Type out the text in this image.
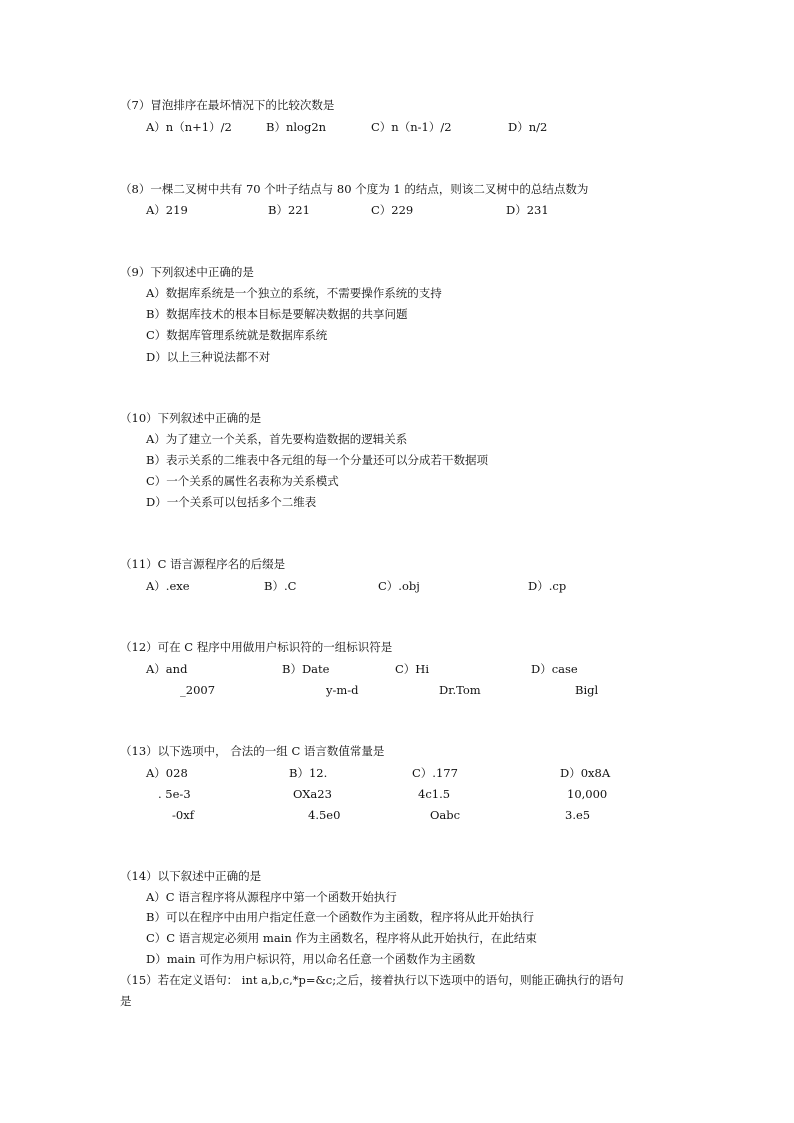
（7）冒泡排序在最坏情况下的比较次数是
A）n（n+1）/2	B）nlog2n	C）n（n-1）/2	D）n/2
（8）一棵二叉树中共有 70 个叶子结点与 80 个度为 1 的结点，则该二叉树中的总结点数为
A）219	B）221	C）229	D）231
（9）下列叙述中正确的是
A）数据库系统是一个独立的系统，不需要操作系统的支持
B）数据库技术的根本目标是要解决数据的共享问题
C）数据库管理系统就是数据库系统
D）以上三种说法都不对
（10）下列叙述中正确的是
A）为了建立一个关系，首先要构造数据的逻辑关系
B）表示关系的二维表中各元组的每一个分量还可以分成若干数据项
C）一个关系的属性名表称为关系模式
D）一个关系可以包括多个二维表
（11）C 语言源程序名的后缀是
A）.exe	B）.C	C）.obj	D）.cp
（12）可在 C 程序中用做用户标识符的一组标识符是
A）and	B）Date	C）Hi	D）case
_2007	y-m-d	Dr.Tom	Bigl
（13）以下选项中， 合法的一组 C 语言数值常量是
A）028	B）12.	C）.177	D）0x8A
. 5e-3	OXa23	4c1.5	10,000
-0xf	4.5e0	Oabc	3.e5
（14）以下叙述中正确的是
A）C 语言程序将从源程序中第一个函数开始执行
B）可以在程序中由用户指定任意一个函数作为主函数，程序将从此开始执行
C）C 语言规定必须用 main 作为主函数名，程序将从此开始执行，在此结束
D）main 可作为用户标识符，用以命名任意一个函数作为主函数
（15）若在定义语句： int a,b,c,*p=&c;之后，接着执行以下选项中的语句，则能正确执行的语句
是
